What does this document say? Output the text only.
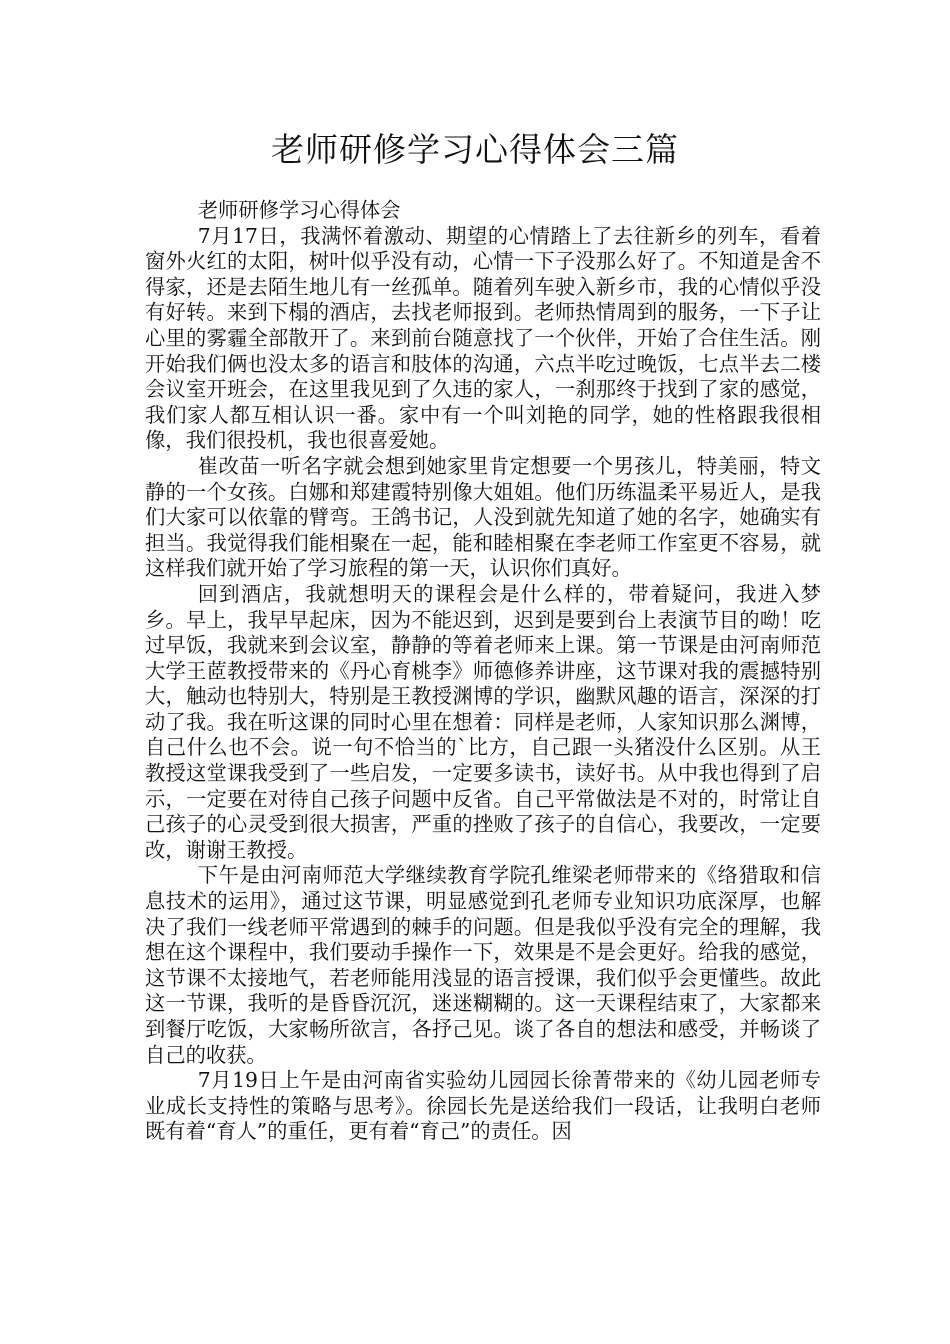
老师研修学习心得体会三篇

老师研修学习心得体会

7月17日，我满怀着激动、期望的心情踏上了去往新乡的列车，看着窗外火红的太阳，树叶似乎没有动，心情一下子没那么好了。不知道是舍不得家，还是去陌生地儿有一丝孤单。随着列车驶入新乡市，我的心情似乎没有好转。来到下榻的酒店，去找老师报到。老师热情周到的服务，一下子让心里的雾霾全部散开了。来到前台随意找了一个伙伴，开始了合住生活。刚开始我们俩也没太多的语言和肢体的沟通，六点半吃过晚饭，七点半去二楼会议室开班会，在这里我见到了久违的家人，一刹那终于找到了家的感觉，我们家人都互相认识一番。家中有一个叫刘艳的同学，她的性格跟我很相像，我们很投机，我也很喜爱她。

崔改苗一听名字就会想到她家里肯定想要一个男孩儿，特美丽，特文静的一个女孩。白娜和郑建霞特别像大姐姐。他们历练温柔平易近人，是我们大家可以依靠的臂弯。王鸽书记，人没到就先知道了她的名字，她确实有担当。我觉得我们能相聚在一起，能和睦相聚在李老师工作室更不容易，就这样我们就开始了学习旅程的第一天，认识你们真好。

回到酒店，我就想明天的课程会是什么样的，带着疑问，我进入梦乡。早上，我早早起床，因为不能迟到，迟到是要到台上表演节目的呦！吃过早饭，我就来到会议室，静静的等着老师来上课。第一节课是由河南师范大学王茝教授带来的《丹心育桃李》师德修养讲座，这节课对我的震撼特别大，触动也特别大，特别是王教授渊博的学识，幽默风趣的语言，深深的打动了我。我在听这课的同时心里在想着：同样是老师，人家知识那么渊博，自己什么也不会。说一句不恰当的`比方，自己跟一头猪没什么区别。从王教授这堂课我受到了一些启发，一定要多读书，读好书。从中我也得到了启示，一定要在对待自己孩子问题中反省。自己平常做法是不对的，时常让自己孩子的心灵受到很大损害，严重的挫败了孩子的自信心，我要改，一定要改，谢谢王教授。

下午是由河南师范大学继续教育学院孔维梁老师带来的《络猎取和信息技术的运用》，通过这节课，明显感觉到孔老师专业知识功底深厚，也解决了我们一线老师平常遇到的棘手的问题。但是我似乎没有完全的理解，我想在这个课程中，我们要动手操作一下，效果是不是会更好。给我的感觉，这节课不太接地气，若老师能用浅显的语言授课，我们似乎会更懂些。故此这一节课，我听的是昏昏沉沉，迷迷糊糊的。这一天课程结束了，大家都来到餐厅吃饭，大家畅所欲言，各抒己见。谈了各自的想法和感受，并畅谈了自己的收获。

7月19日上午是由河南省实验幼儿园园长徐菁带来的《幼儿园老师专业成长支持性的策略与思考》。徐园长先是送给我们一段话，让我明白老师既有着“育人”的重任，更有着“育己”的责任。因
